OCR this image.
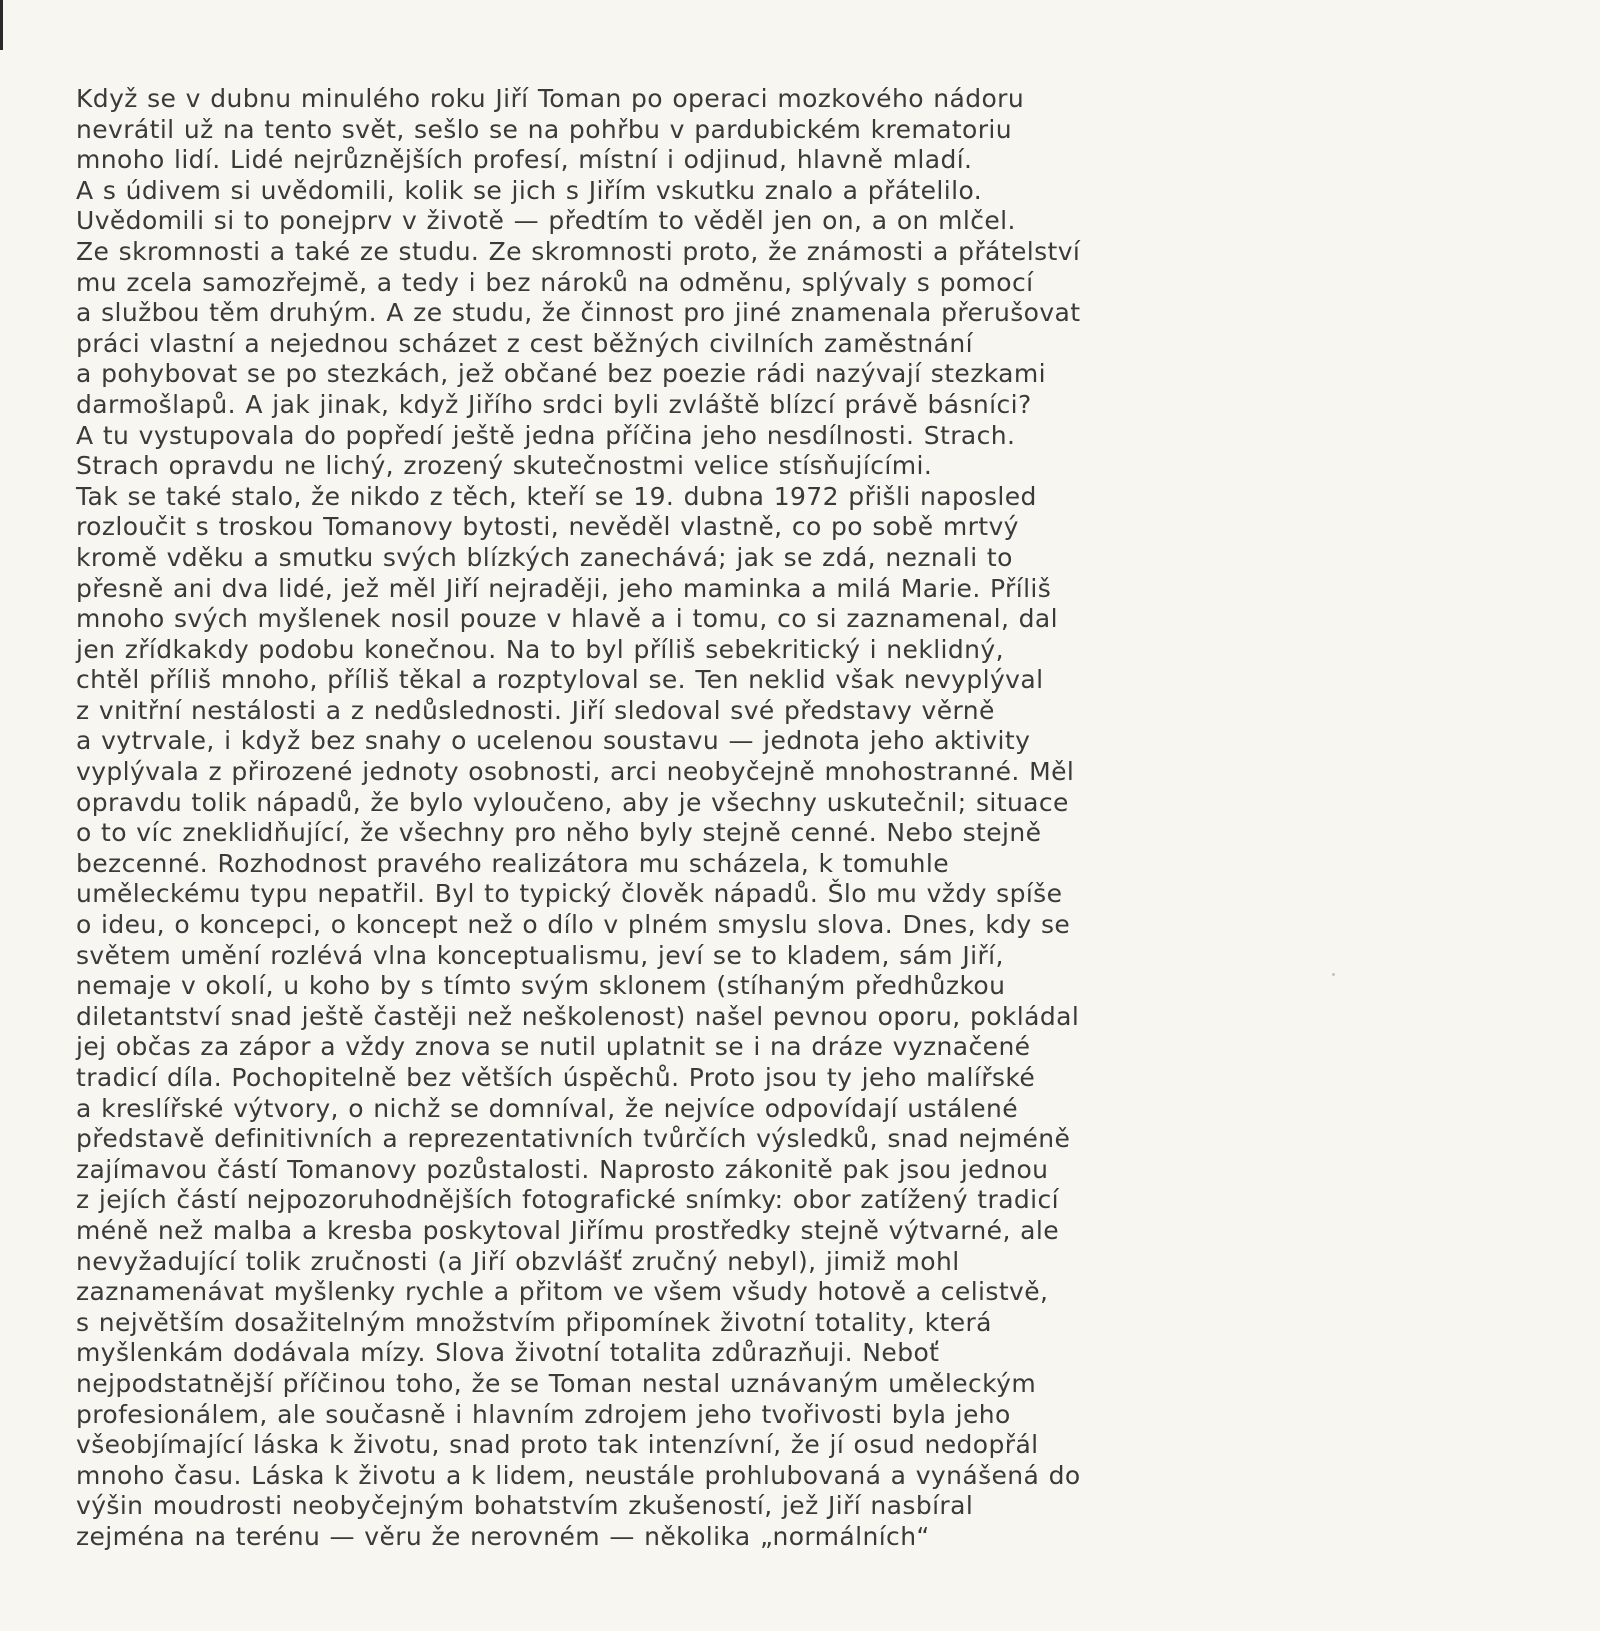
Když se v dubnu minulého roku Jiří Toman po operaci mozkového nádoru
nevrátil už na tento svět, sešlo se na pohřbu v pardubickém krematoriu
mnoho lidí. Lidé nejrůznějších profesí, místní i odjinud, hlavně mladí.
A s údivem si uvědomili, kolik se jich s Jiřím vskutku znalo a přátelilo.
Uvědomili si to ponejprv v životě — předtím to věděl jen on, a on mlčel.
Ze skromnosti a také ze studu. Ze skromnosti proto, že známosti a přátelství
mu zcela samozřejmě, a tedy i bez nároků na odměnu, splývaly s pomocí
a službou těm druhým. A ze studu, že činnost pro jiné znamenala přerušovat
práci vlastní a nejednou scházet z cest běžných civilních zaměstnání
a pohybovat se po stezkách, jež občané bez poezie rádi nazývají stezkami
darmošlapů. A jak jinak, když Jiřího srdci byli zvláště blízcí právě básníci?
A tu vystupovala do popředí ještě jedna příčina jeho nesdílnosti. Strach.
Strach opravdu ne lichý, zrozený skutečnostmi velice stísňujícími.
Tak se také stalo, že nikdo z těch, kteří se 19. dubna 1972 přišli naposled
rozloučit s troskou Tomanovy bytosti, nevěděl vlastně, co po sobě mrtvý
kromě vděku a smutku svých blízkých zanechává; jak se zdá, neznali to
přesně ani dva lidé, jež měl Jiří nejraději, jeho maminka a milá Marie. Příliš
mnoho svých myšlenek nosil pouze v hlavě a i tomu, co si zaznamenal, dal
jen zřídkakdy podobu konečnou. Na to byl příliš sebekritický i neklidný,
chtěl příliš mnoho, příliš těkal a rozptyloval se. Ten neklid však nevyplýval
z vnitřní nestálosti a z nedůslednosti. Jiří sledoval své představy věrně
a vytrvale, i když bez snahy o ucelenou soustavu — jednota jeho aktivity
vyplývala z přirozené jednoty osobnosti, arci neobyčejně mnohostranné. Měl
opravdu tolik nápadů, že bylo vyloučeno, aby je všechny uskutečnil; situace
o to víc zneklidňující, že všechny pro něho byly stejně cenné. Nebo stejně
bezcenné. Rozhodnost pravého realizátora mu scházela, k tomuhle
uměleckému typu nepatřil. Byl to typický člověk nápadů. Šlo mu vždy spíše
o ideu, o koncepci, o koncept než o dílo v plném smyslu slova. Dnes, kdy se
světem umění rozlévá vlna konceptualismu, jeví se to kladem, sám Jiří,
nemaje v okolí, u koho by s tímto svým sklonem (stíhaným předhůzkou
diletantství snad ještě častěji než neškolenost) našel pevnou oporu, pokládal
jej občas za zápor a vždy znova se nutil uplatnit se i na dráze vyznačené
tradicí díla. Pochopitelně bez větších úspěchů. Proto jsou ty jeho malířské
a kreslířské výtvory, o nichž se domníval, že nejvíce odpovídají ustálené
představě definitivních a reprezentativních tvůrčích výsledků, snad nejméně
zajímavou částí Tomanovy pozůstalosti. Naprosto zákonitě pak jsou jednou
z jejích částí nejpozoruhodnějších fotografické snímky: obor zatížený tradicí
méně než malba a kresba poskytoval Jiřímu prostředky stejně výtvarné, ale
nevyžadující tolik zručnosti (a Jiří obzvlášť zručný nebyl), jimiž mohl
zaznamenávat myšlenky rychle a přitom ve všem všudy hotově a celistvě,
s největším dosažitelným množstvím připomínek životní totality, která
myšlenkám dodávala mízy. Slova životní totalita zdůrazňuji. Neboť
nejpodstatnější příčinou toho, že se Toman nestal uznávaným uměleckým
profesionálem, ale současně i hlavním zdrojem jeho tvořivosti byla jeho
všeobjímající láska k životu, snad proto tak intenzívní, že jí osud nedopřál
mnoho času. Láska k životu a k lidem, neustále prohlubovaná a vynášená do
výšin moudrosti neobyčejným bohatstvím zkušeností, jež Jiří nasbíral
zejména na terénu — věru že nerovném — několika „normálních“
